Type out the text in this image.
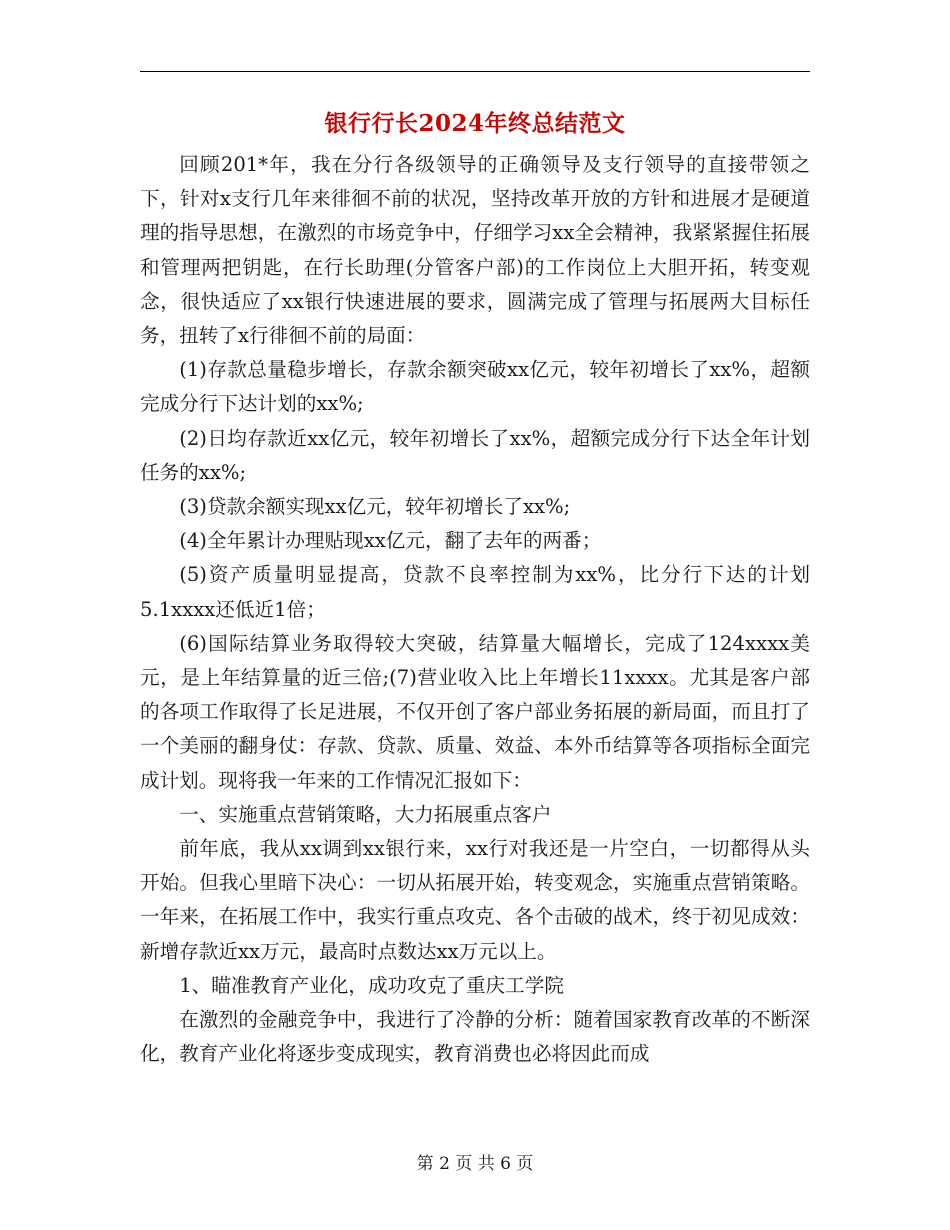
银行行长2024年终总结范文

回顾201*年，我在分行各级领导的正确领导及支行领导的直接带领之下，针对x支行几年来徘徊不前的状况，坚持改革开放的方针和进展才是硬道理的指导思想，在激烈的市场竞争中，仔细学习xx全会精神，我紧紧握住拓展和管理两把钥匙，在行长助理(分管客户部)的工作岗位上大胆开拓，转变观念，很快适应了xx银行快速进展的要求，圆满完成了管理与拓展两大目标任务，扭转了x行徘徊不前的局面：

(1)存款总量稳步增长，存款余额突破xx亿元，较年初增长了xx%，超额完成分行下达计划的xx%;

(2)日均存款近xx亿元，较年初增长了xx%，超额完成分行下达全年计划任务的xx%;

(3)贷款余额实现xx亿元，较年初增长了xx%;

(4)全年累计办理贴现xx亿元，翻了去年的两番；

(5)资产质量明显提高，贷款不良率控制为xx%，比分行下达的计划5.1xxxx还低近1倍；

(6)国际结算业务取得较大突破，结算量大幅增长，完成了124xxxx美元，是上年结算量的近三倍;(7)营业收入比上年增长11xxxx。尤其是客户部的各项工作取得了长足进展，不仅开创了客户部业务拓展的新局面，而且打了一个美丽的翻身仗：存款、贷款、质量、效益、本外币结算等各项指标全面完成计划。现将我一年来的工作情况汇报如下：

一、实施重点营销策略，大力拓展重点客户

前年底，我从xx调到xx银行来，xx行对我还是一片空白，一切都得从头开始。但我心里暗下决心：一切从拓展开始，转变观念，实施重点营销策略。一年来，在拓展工作中，我实行重点攻克、各个击破的战术，终于初见成效：新增存款近xx万元，最高时点数达xx万元以上。

1、瞄准教育产业化，成功攻克了重庆工学院

在激烈的金融竞争中，我进行了冷静的分析：随着国家教育改革的不断深化，教育产业化将逐步变成现实，教育消费也必将因此而成

第 2 页 共 6 页
